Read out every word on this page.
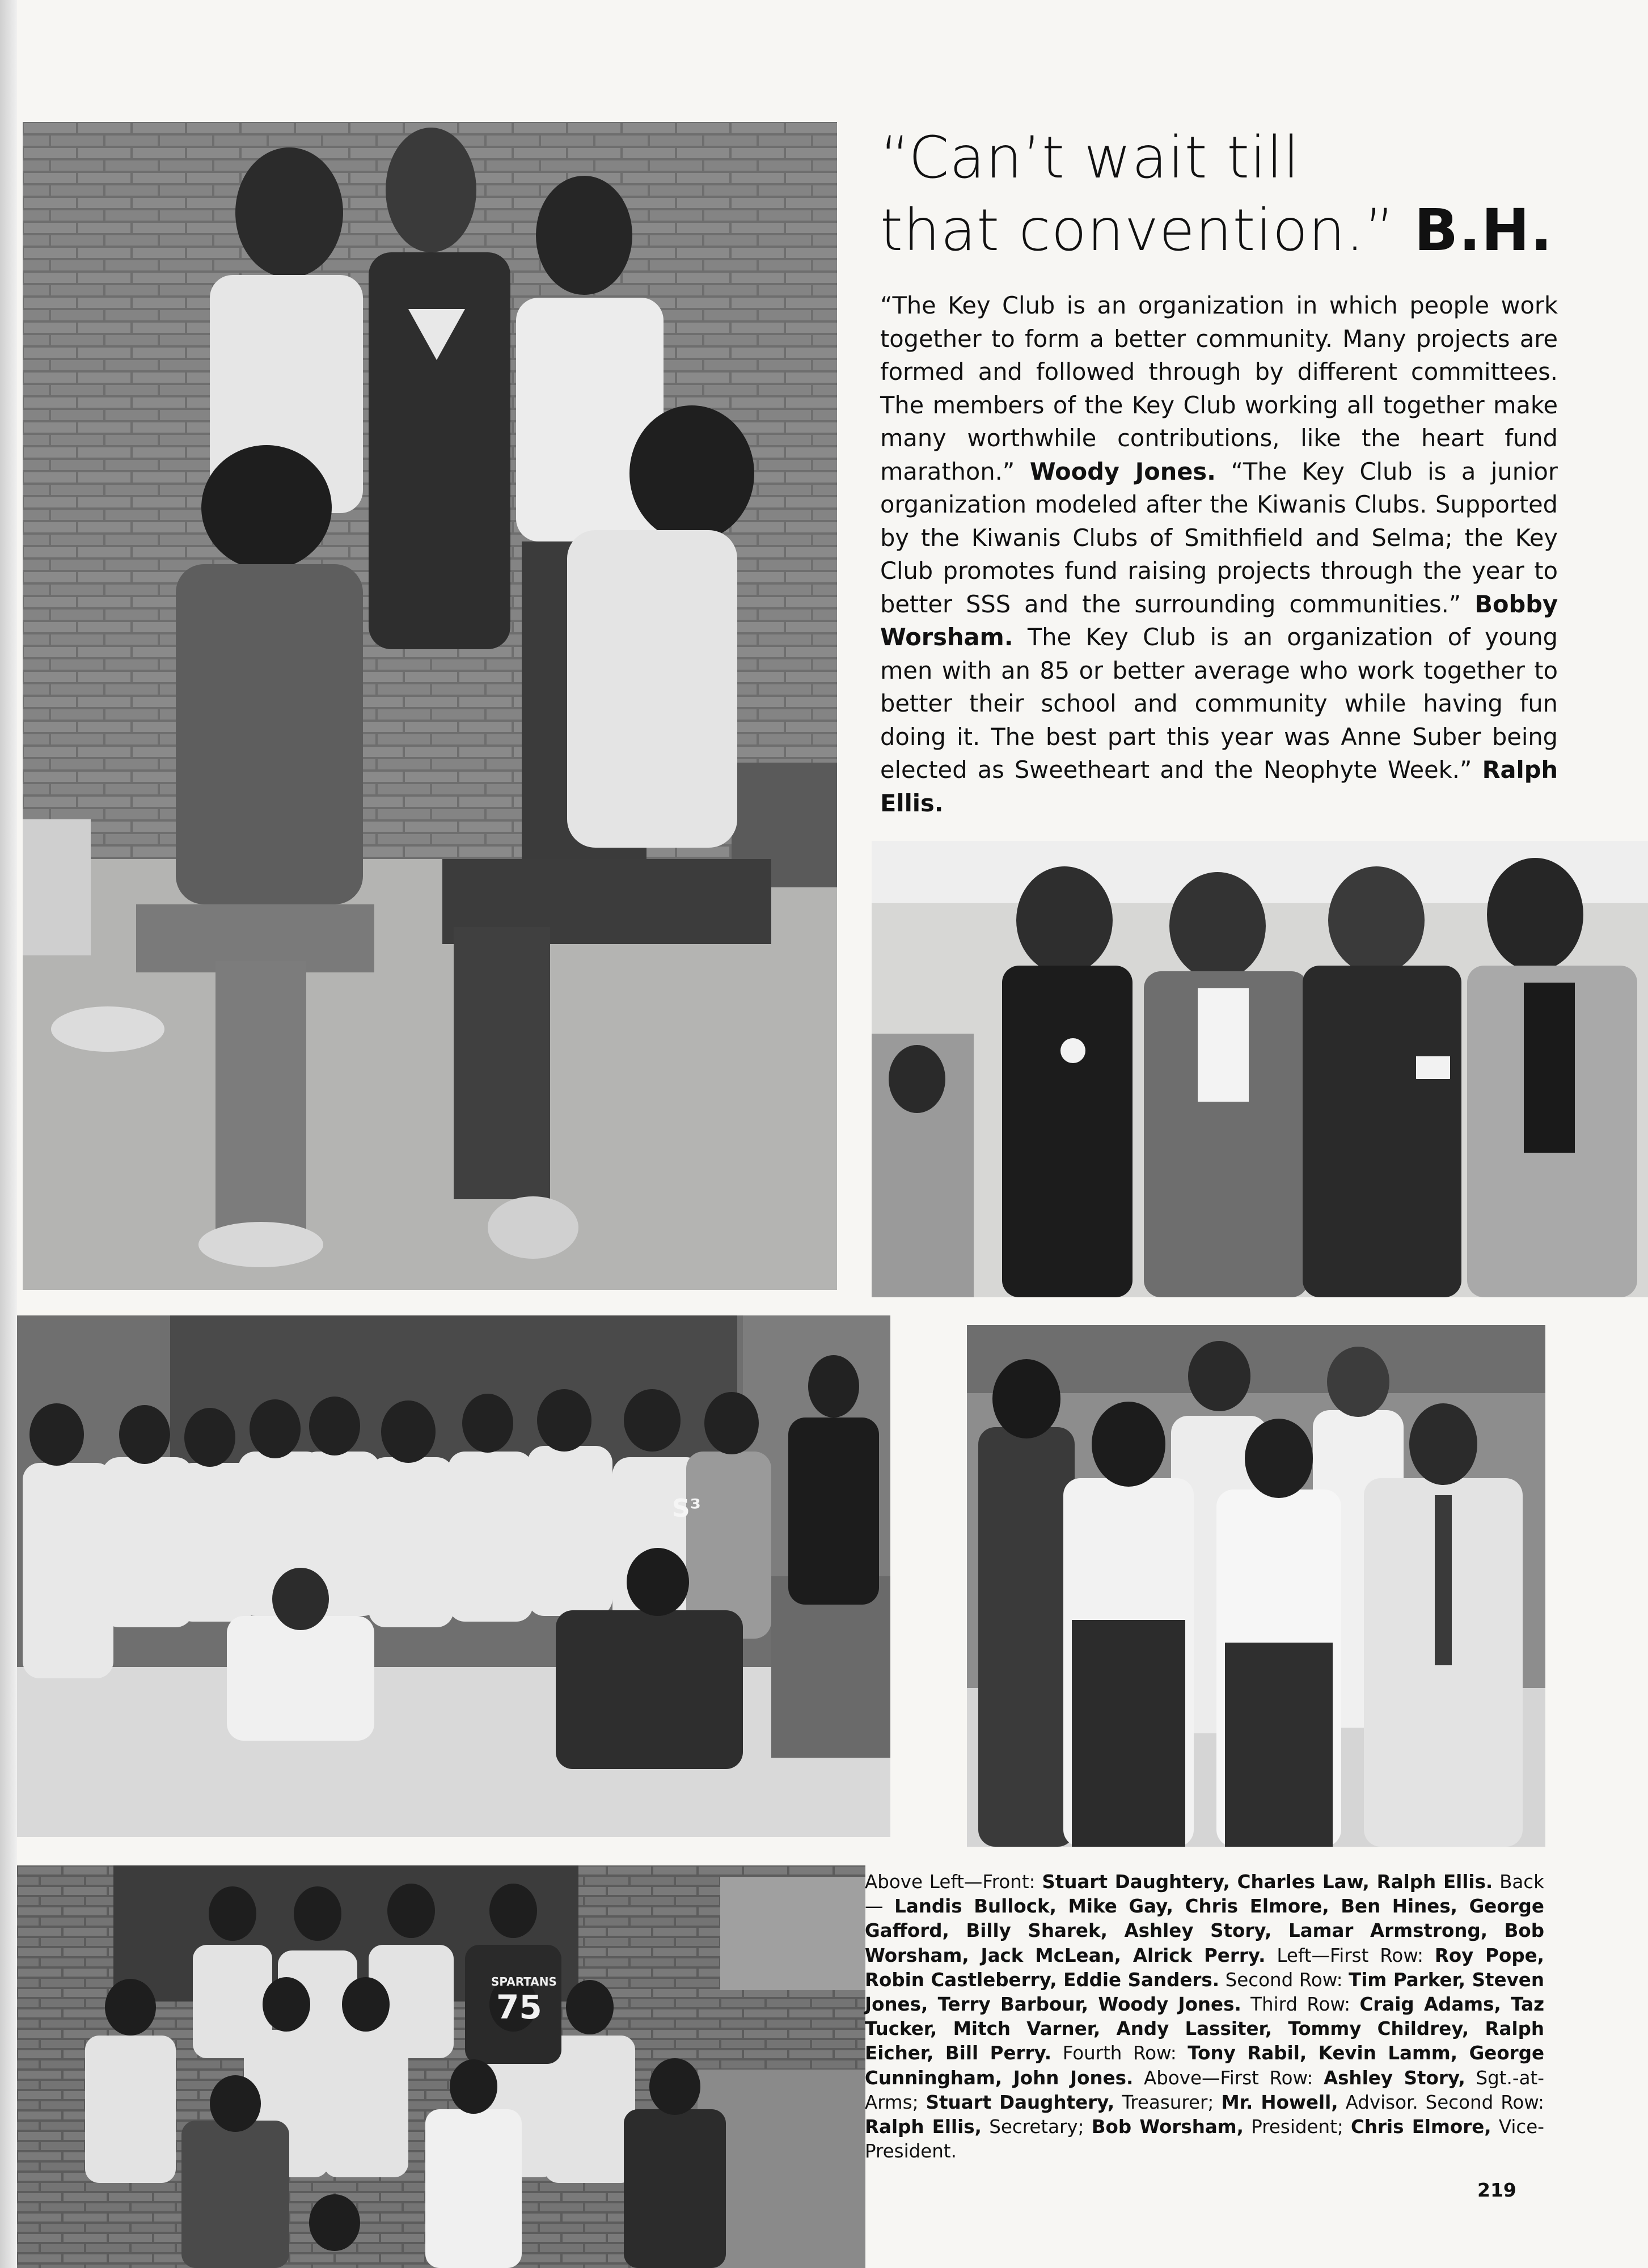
S³
SPARTANS
75
“Can’t wait till
that convention.” B.H.
“The Key Club is an organization in which people work together to form a better community. Many projects are formed and followed through by different committees. The members of the Key Club working all together make many worthwhile contributions, like the heart fund marathon.” Woody Jones. “The Key Club is a junior organization modeled after the Kiwanis Clubs. Supported by the Kiwanis Clubs of Smithfield and Selma; the Key Club promotes fund raising projects through the year to better SSS and the surrounding communities.” Bobby Worsham. The Key Club is an organization of young men with an 85 or better average who work together to better their school and community while having fun doing it. The best part this year was Anne Suber being elected as Sweetheart and the Neophyte Week.” Ralph Ellis.
Above Left—Front: Stuart Daughtery, Charles Law, Ralph Ellis. Back— Landis Bullock, Mike Gay, Chris Elmore, Ben Hines, George Gafford, Billy Sharek, Ashley Story, Lamar Armstrong, Bob Worsham, Jack McLean, Alrick Perry. Left—First Row: Roy Pope, Robin Castleberry, Eddie Sanders. Second Row: Tim Parker, Steven Jones, Terry Barbour, Woody Jones. Third Row: Craig Adams, Taz Tucker, Mitch Varner, Andy Lassiter, Tommy Childrey, Ralph Eicher, Bill Perry. Fourth Row: Tony Rabil, Kevin Lamm, George Cunningham, John Jones. Above—First Row: Ashley Story, Sgt.-at-Arms; Stuart Daughtery, Treasurer; Mr. Howell, Advisor. Second Row: Ralph Ellis, Secretary; Bob Worsham, President; Chris Elmore, Vice-President.
219
